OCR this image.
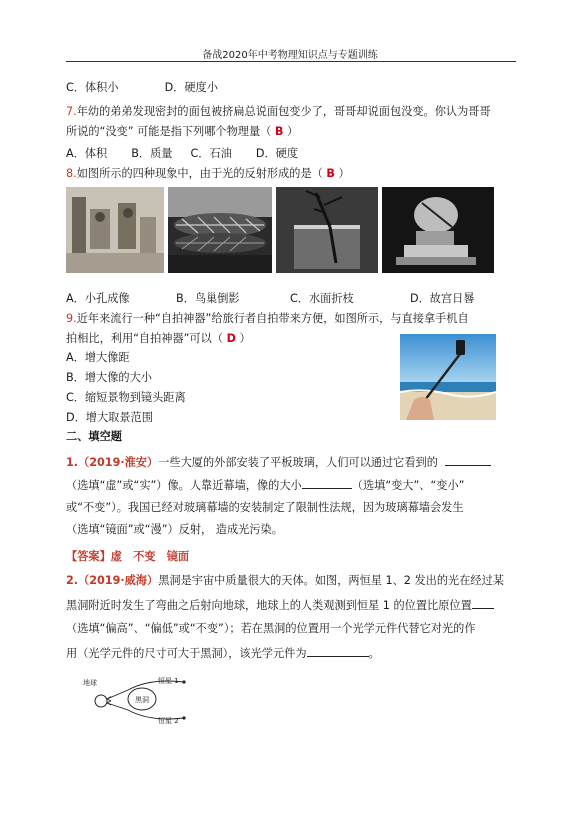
备战2020年中考物理知识点与专题训练
C．体积小	D．硬度小
7.年幼的弟弟发现密封的面包被挤扁总说面包变少了，哥哥却说面包没变。你认为哥哥
所说的“没变” 可能是指下列哪个物理量（ B ）
A．体积 B．质量 C．石油 D．硬度
8.如图所示的四种现象中，由于光的反射形成的是（ B ）
A．小孔成像	B．鸟巢倒影	C．水面折枝	D．故宫日晷
9.近年来流行一种“自拍神器”给旅行者自拍带来方便，如图所示，与直接拿手机自
拍相比，利用“自拍神器”可以（ D ）
A．增大像距
B．增大像的大小
C．缩短景物到镜头距离
D．增大取景范围
二、填空题
1.（2019·淮安）一些大厦的外部安装了平板玻璃，人们可以通过它看到的
（选填“虚”或“实”）像。人靠近幕墙，像的大小	（选填“变大”、“变小”
或“不变”）。我国已经对玻璃幕墙的安装制定了限制性法规，因为玻璃幕墙会发生
（选填“镜面”或“漫”）反射， 造成光污染。
【答案】虚　不变　镜面
2.（2019·威海）黑洞是宇宙中质量很大的天体。如图，两恒星 1、2 发出的光在经过某
黑洞附近时发生了弯曲之后射向地球，地球上的人类观测到恒星 1 的位置比原位置
（选填“偏高”、“偏低”或“不变”）；若在黑洞的位置用一个光学元件代替它对光的作
用（光学元件的尺寸可大于黑洞），该光学元件为	。
地球
黑洞
恒星 1
恒星 2
